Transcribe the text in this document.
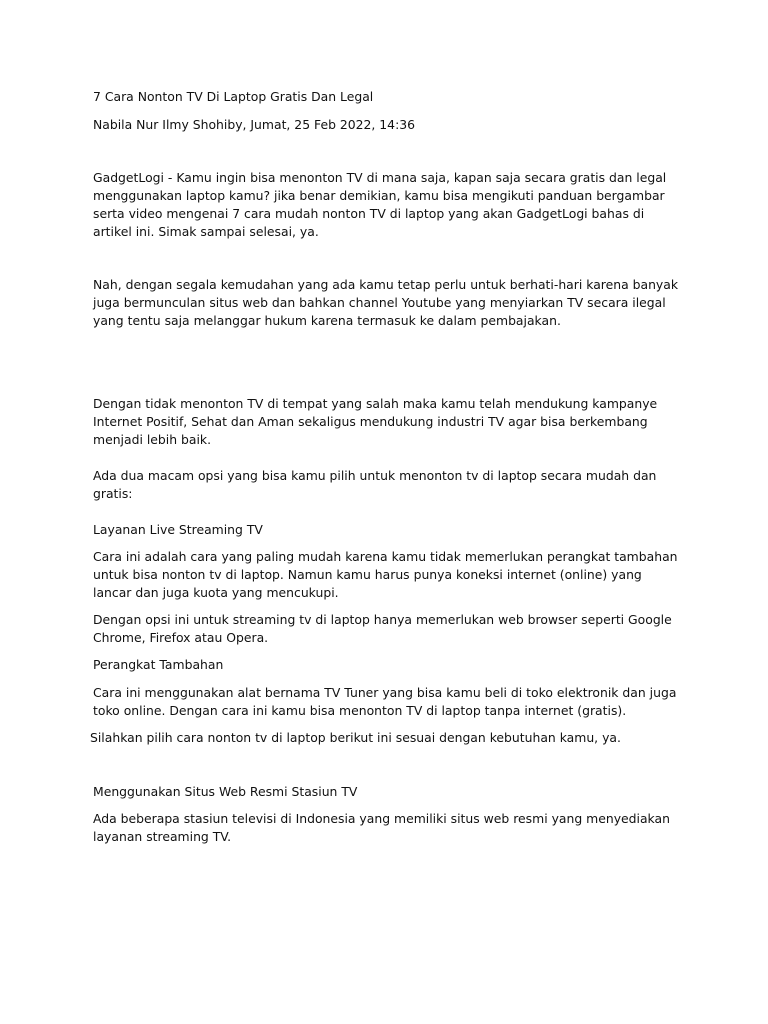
7 Cara Nonton TV Di Laptop Gratis Dan Legal

Nabila Nur Ilmy Shohiby, Jumat, 25 Feb 2022, 14:36

GadgetLogi - Kamu ingin bisa menonton TV di mana saja, kapan saja secara gratis dan legal menggunakan laptop kamu? jika benar demikian, kamu bisa mengikuti panduan bergambar serta video mengenai 7 cara mudah nonton TV di laptop yang akan GadgetLogi bahas di artikel ini. Simak sampai selesai, ya.

Nah, dengan segala kemudahan yang ada kamu tetap perlu untuk berhati-hari karena banyak juga bermunculan situs web dan bahkan channel Youtube yang menyiarkan TV secara ilegal yang tentu saja melanggar hukum karena termasuk ke dalam pembajakan.

Dengan tidak menonton TV di tempat yang salah maka kamu telah mendukung kampanye Internet Positif, Sehat dan Aman sekaligus mendukung industri TV agar bisa berkembang menjadi lebih baik.

Ada dua macam opsi yang bisa kamu pilih untuk menonton tv di laptop secara mudah dan gratis:

Layanan Live Streaming TV

Cara ini adalah cara yang paling mudah karena kamu tidak memerlukan perangkat tambahan untuk bisa nonton tv di laptop. Namun kamu harus punya koneksi internet (online) yang lancar dan juga kuota yang mencukupi.

Dengan opsi ini untuk streaming tv di laptop hanya memerlukan web browser seperti Google Chrome, Firefox atau Opera.

Perangkat Tambahan

Cara ini menggunakan alat bernama TV Tuner yang bisa kamu beli di toko elektronik dan juga toko online. Dengan cara ini kamu bisa menonton TV di laptop tanpa internet (gratis).

Silahkan pilih cara nonton tv di laptop berikut ini sesuai dengan kebutuhan kamu, ya.

Menggunakan Situs Web Resmi Stasiun TV

Ada beberapa stasiun televisi di Indonesia yang memiliki situs web resmi yang menyediakan layanan streaming TV.
